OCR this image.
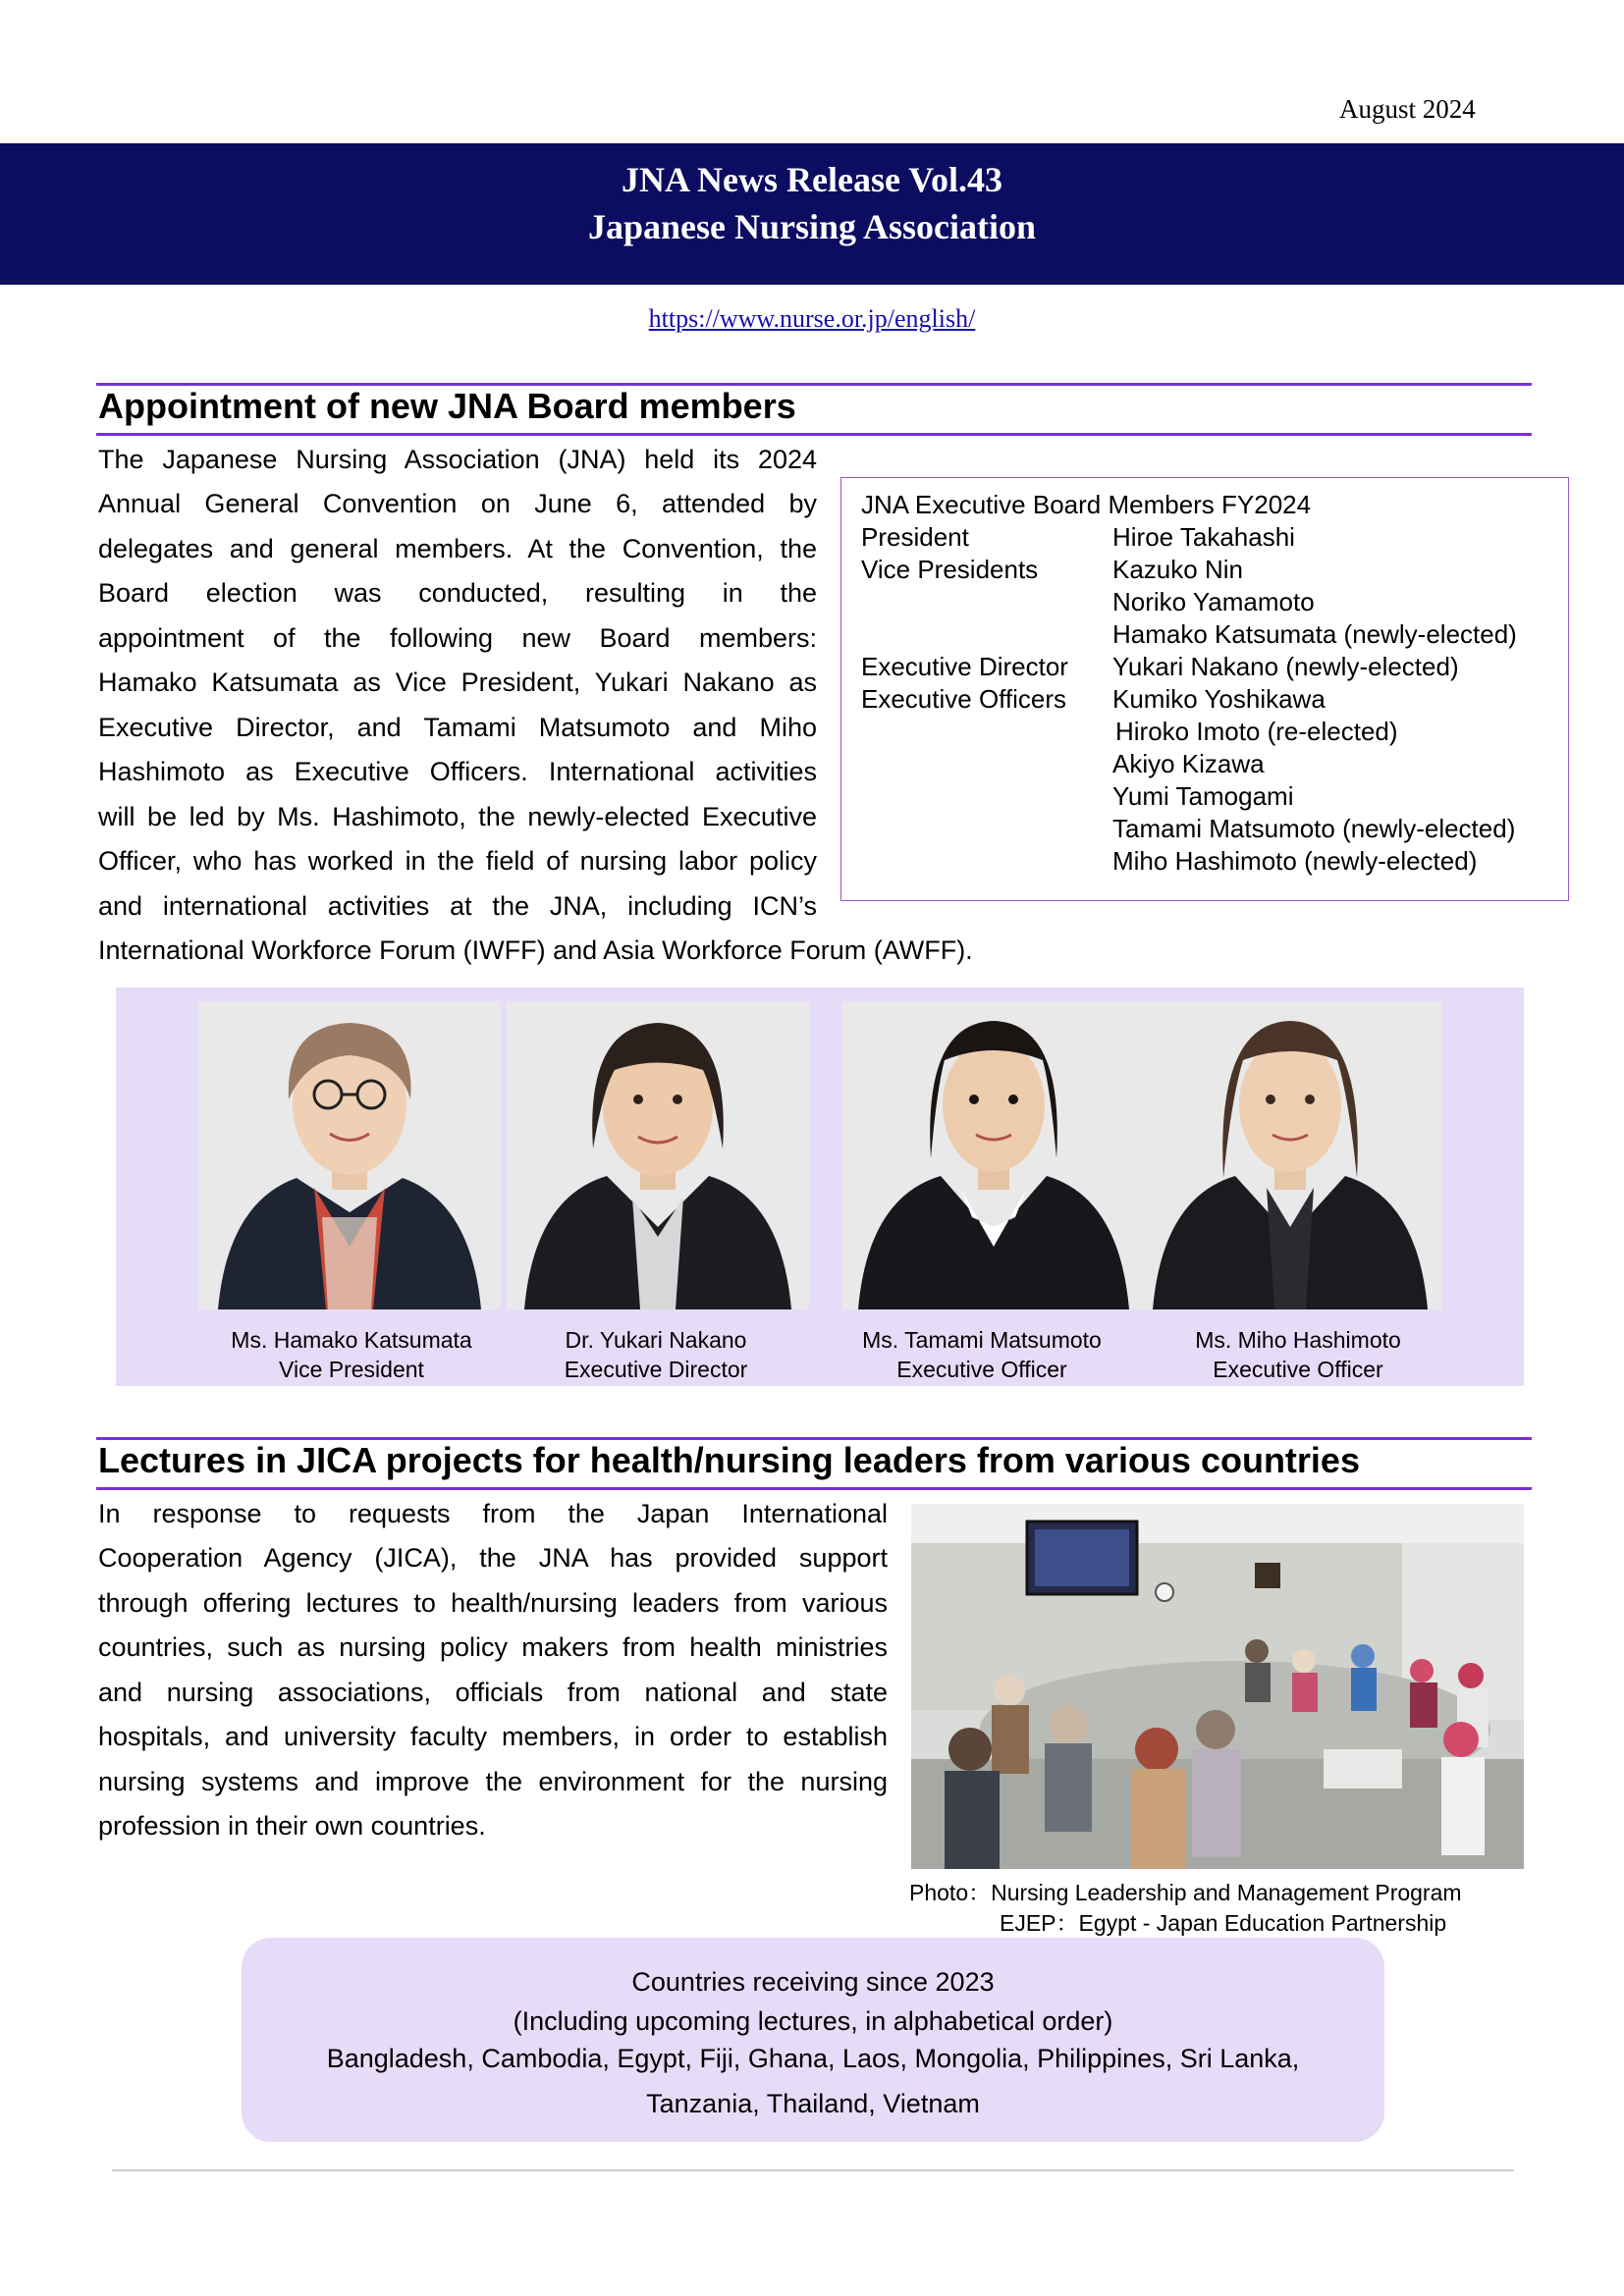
August 2024
JNA News Release Vol.43
Japanese Nursing Association
https://www.nurse.or.jp/english/
Appointment of new JNA Board members
The Japanese Nursing Association (JNA) held its 2024
Annual General Convention on June 6, attended by
delegates and general members. At the Convention, the
Board election was conducted, resulting in the
appointment of the following new Board members:
Hamako Katsumata as Vice President, Yukari Nakano as
Executive Director, and Tamami Matsumoto and Miho
Hashimoto as Executive Officers. International activities
will be led by Ms. Hashimoto, the newly-elected Executive
Officer, who has worked in the field of nursing labor policy
and international activities at the JNA, including ICN’s
International Workforce Forum (IWFF) and Asia Workforce Forum (AWFF).
JNA Executive Board Members FY2024
President	Hiroe Takahashi
Vice Presidents	Kazuko Nin
Noriko Yamamoto
Hamako Katsumata (newly-elected)
Executive Director Yukari Nakano (newly-elected)
Executive Officers Kumiko Yoshikawa
Hiroko Imoto (re-elected)
Akiyo Kizawa
Yumi Tamogami
Tamami Matsumoto (newly-elected)
Miho Hashimoto (newly-elected)
Ms. Hamako Katsumata
Vice President
Dr. Yukari Nakano
Executive Director
Ms. Tamami Matsumoto
Executive Officer
Ms. Miho Hashimoto
Executive Officer
Lectures in JICA projects for health/nursing leaders from various countries
In response to requests from the Japan International
Cooperation Agency (JICA), the JNA has provided support
through offering lectures to health/nursing leaders from various
countries, such as nursing policy makers from health ministries
and nursing associations, officials from national and state
hospitals, and university faculty members, in order to establish
nursing systems and improve the environment for the nursing
profession in their own countries.
Photo：Nursing Leadership and Management Program
EJEP：Egypt - Japan Education Partnership
Countries receiving since 2023
(Including upcoming lectures, in alphabetical order)
Bangladesh, Cambodia, Egypt, Fiji, Ghana, Laos, Mongolia, Philippines, Sri Lanka,
Tanzania, Thailand, Vietnam
